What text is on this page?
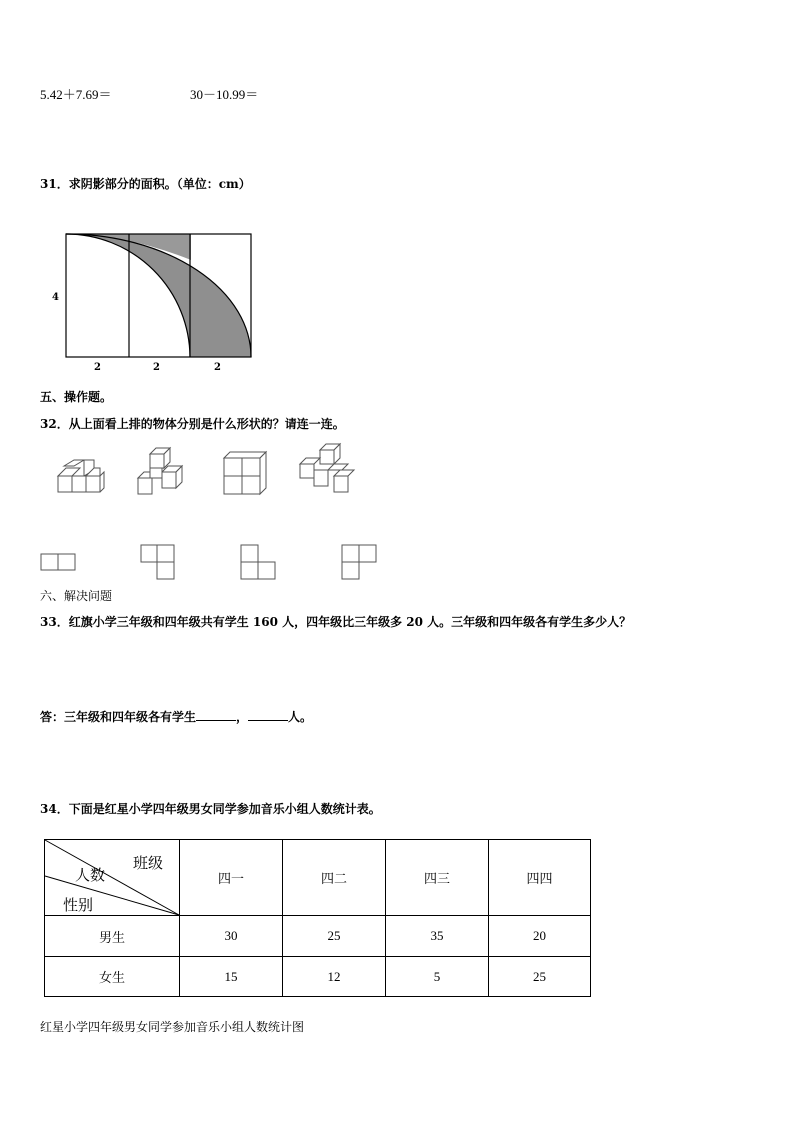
5.42＋7.69＝	30－10.99＝
31．求阴影部分的面积。（单位：cm）
4
2	2	2
五、操作题。
32．从上面看上排的物体分别是什么形状的？请连一连。
六、解决问题
33．红旗小学三年级和四年级共有学生 160 人，四年级比三年级多 20 人。三年级和四年级各有学生多少人？
答：三年级和四年级各有学生	，	人。
34．下面是红星小学四年级男女同学参加音乐小组人数统计表。
班级
人数
性别	四一	四二	四三	四四
男生	30	25	35	20
女生	15	12	5	25
红星小学四年级男女同学参加音乐小组人数统计图
